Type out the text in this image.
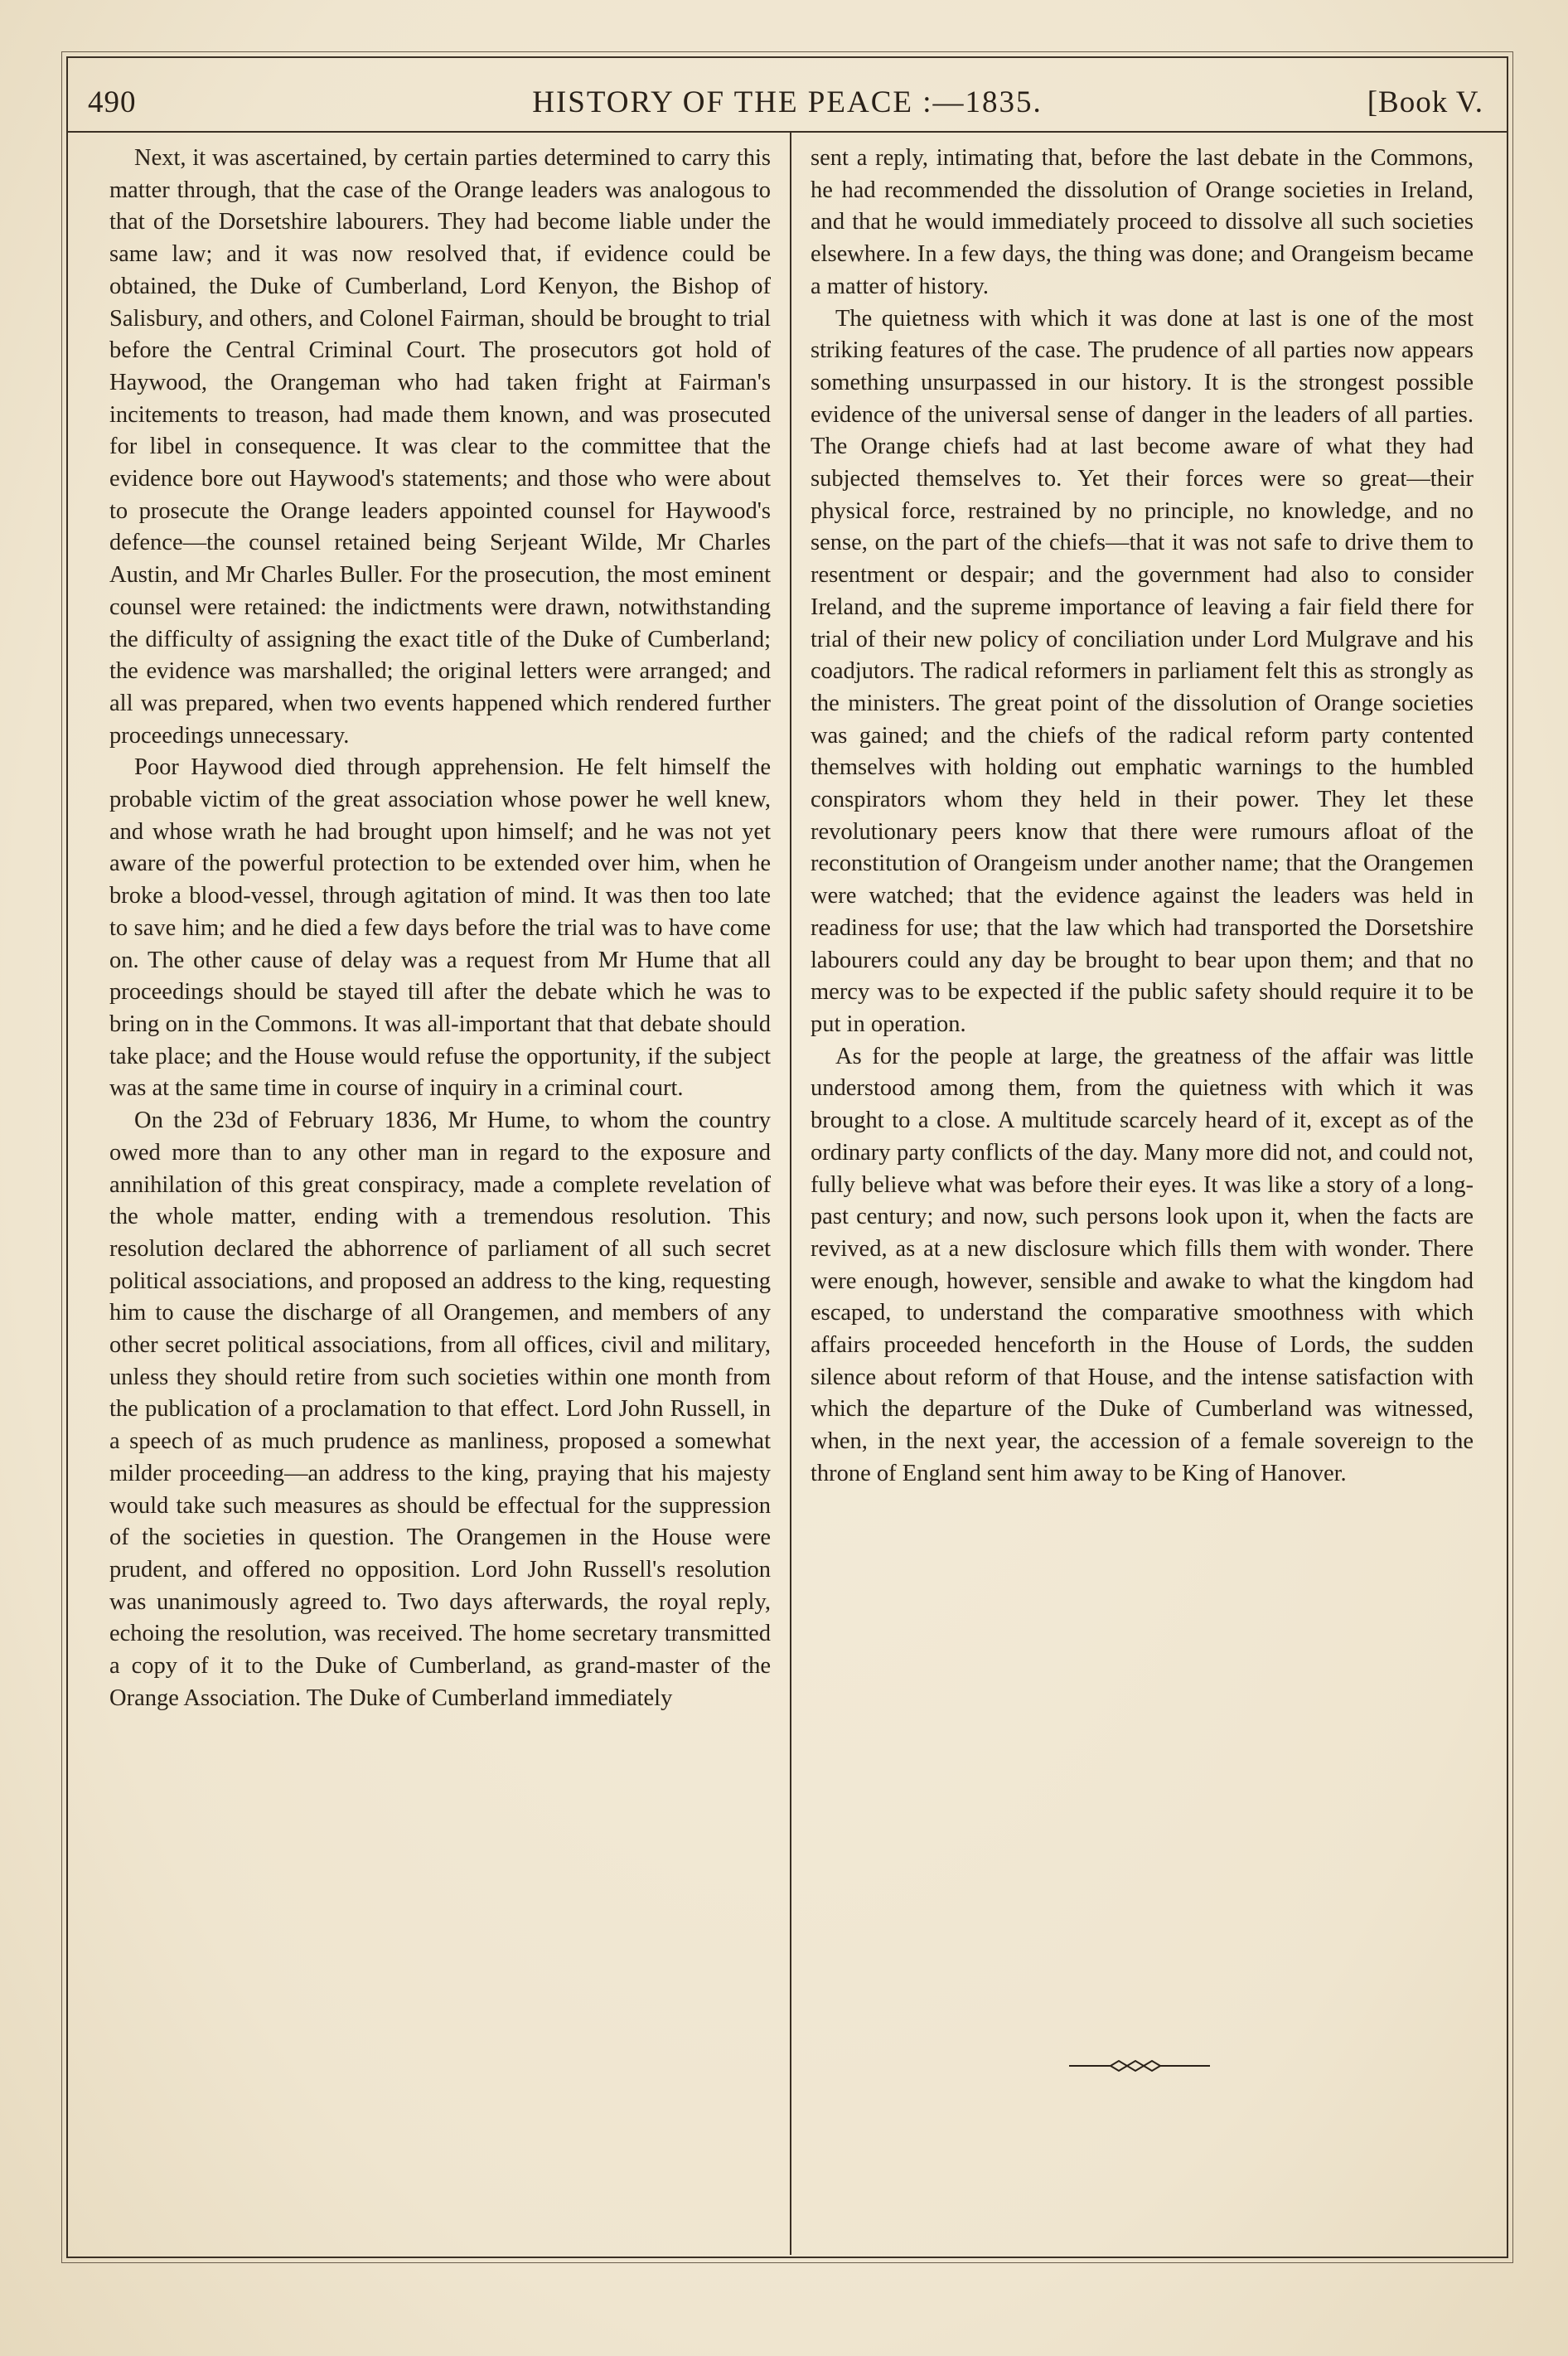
490	HISTORY OF THE PEACE :—1835.	[Book V.

Next, it was ascertained, by certain parties determined to carry this matter through, that the case of the Orange leaders was analogous to that of the Dorsetshire labourers. They had become liable under the same law; and it was now resolved that, if evidence could be obtained, the Duke of Cumberland, Lord Kenyon, the Bishop of Salisbury, and others, and Colonel Fairman, should be brought to trial before the Central Criminal Court. The prosecutors got hold of Haywood, the Orangeman who had taken fright at Fairman's incitements to treason, had made them known, and was prosecuted for libel in consequence. It was clear to the committee that the evidence bore out Haywood's statements; and those who were about to prosecute the Orange leaders appointed counsel for Haywood's defence—the counsel retained being Serjeant Wilde, Mr Charles Austin, and Mr Charles Buller. For the prosecution, the most eminent counsel were retained: the indictments were drawn, notwithstanding the difficulty of assigning the exact title of the Duke of Cumberland; the evidence was marshalled; the original letters were arranged; and all was prepared, when two events happened which rendered further proceedings unnecessary.

Poor Haywood died through apprehension. He felt himself the probable victim of the great association whose power he well knew, and whose wrath he had brought upon himself; and he was not yet aware of the powerful protection to be extended over him, when he broke a blood-vessel, through agitation of mind. It was then too late to save him; and he died a few days before the trial was to have come on. The other cause of delay was a request from Mr Hume that all proceedings should be stayed till after the debate which he was to bring on in the Commons. It was all-important that that debate should take place; and the House would refuse the opportunity, if the subject was at the same time in course of inquiry in a criminal court.

On the 23d of February 1836, Mr Hume, to whom the country owed more than to any other man in regard to the exposure and annihilation of this great conspiracy, made a complete revelation of the whole matter, ending with a tremendous resolution. This resolution declared the abhorrence of parliament of all such secret political associations, and proposed an address to the king, requesting him to cause the discharge of all Orangemen, and members of any other secret political associations, from all offices, civil and military, unless they should retire from such societies within one month from the publication of a proclamation to that effect. Lord John Russell, in a speech of as much prudence as manliness, proposed a somewhat milder proceeding—an address to the king, praying that his majesty would take such measures as should be effectual for the suppression of the societies in question. The Orangemen in the House were prudent, and offered no opposition. Lord John Russell's resolution was unanimously agreed to. Two days afterwards, the royal reply, echoing the resolution, was received. The home secretary transmitted a copy of it to the Duke of Cumberland, as grand-master of the Orange Association. The Duke of Cumberland immediately

sent a reply, intimating that, before the last debate in the Commons, he had recommended the dissolution of Orange societies in Ireland, and that he would immediately proceed to dissolve all such societies elsewhere. In a few days, the thing was done; and Orangeism became a matter of history.

The quietness with which it was done at last is one of the most striking features of the case. The prudence of all parties now appears something unsurpassed in our history. It is the strongest possible evidence of the universal sense of danger in the leaders of all parties. The Orange chiefs had at last become aware of what they had subjected themselves to. Yet their forces were so great—their physical force, restrained by no principle, no knowledge, and no sense, on the part of the chiefs—that it was not safe to drive them to resentment or despair; and the government had also to consider Ireland, and the supreme importance of leaving a fair field there for trial of their new policy of conciliation under Lord Mulgrave and his coadjutors. The radical reformers in parliament felt this as strongly as the ministers. The great point of the dissolution of Orange societies was gained; and the chiefs of the radical reform party contented themselves with holding out emphatic warnings to the humbled conspirators whom they held in their power. They let these revolutionary peers know that there were rumours afloat of the reconstitution of Orangeism under another name; that the Orangemen were watched; that the evidence against the leaders was held in readiness for use; that the law which had transported the Dorsetshire labourers could any day be brought to bear upon them; and that no mercy was to be expected if the public safety should require it to be put in operation.

As for the people at large, the greatness of the affair was little understood among them, from the quietness with which it was brought to a close. A multitude scarcely heard of it, except as of the ordinary party conflicts of the day. Many more did not, and could not, fully believe what was before their eyes. It was like a story of a long-past century; and now, such persons look upon it, when the facts are revived, as at a new disclosure which fills them with wonder. There were enough, however, sensible and awake to what the kingdom had escaped, to understand the comparative smoothness with which affairs proceeded henceforth in the House of Lords, the sudden silence about reform of that House, and the intense satisfaction with which the departure of the Duke of Cumberland was witnessed, when, in the next year, the accession of a female sovereign to the throne of England sent him away to be King of Hanover.
